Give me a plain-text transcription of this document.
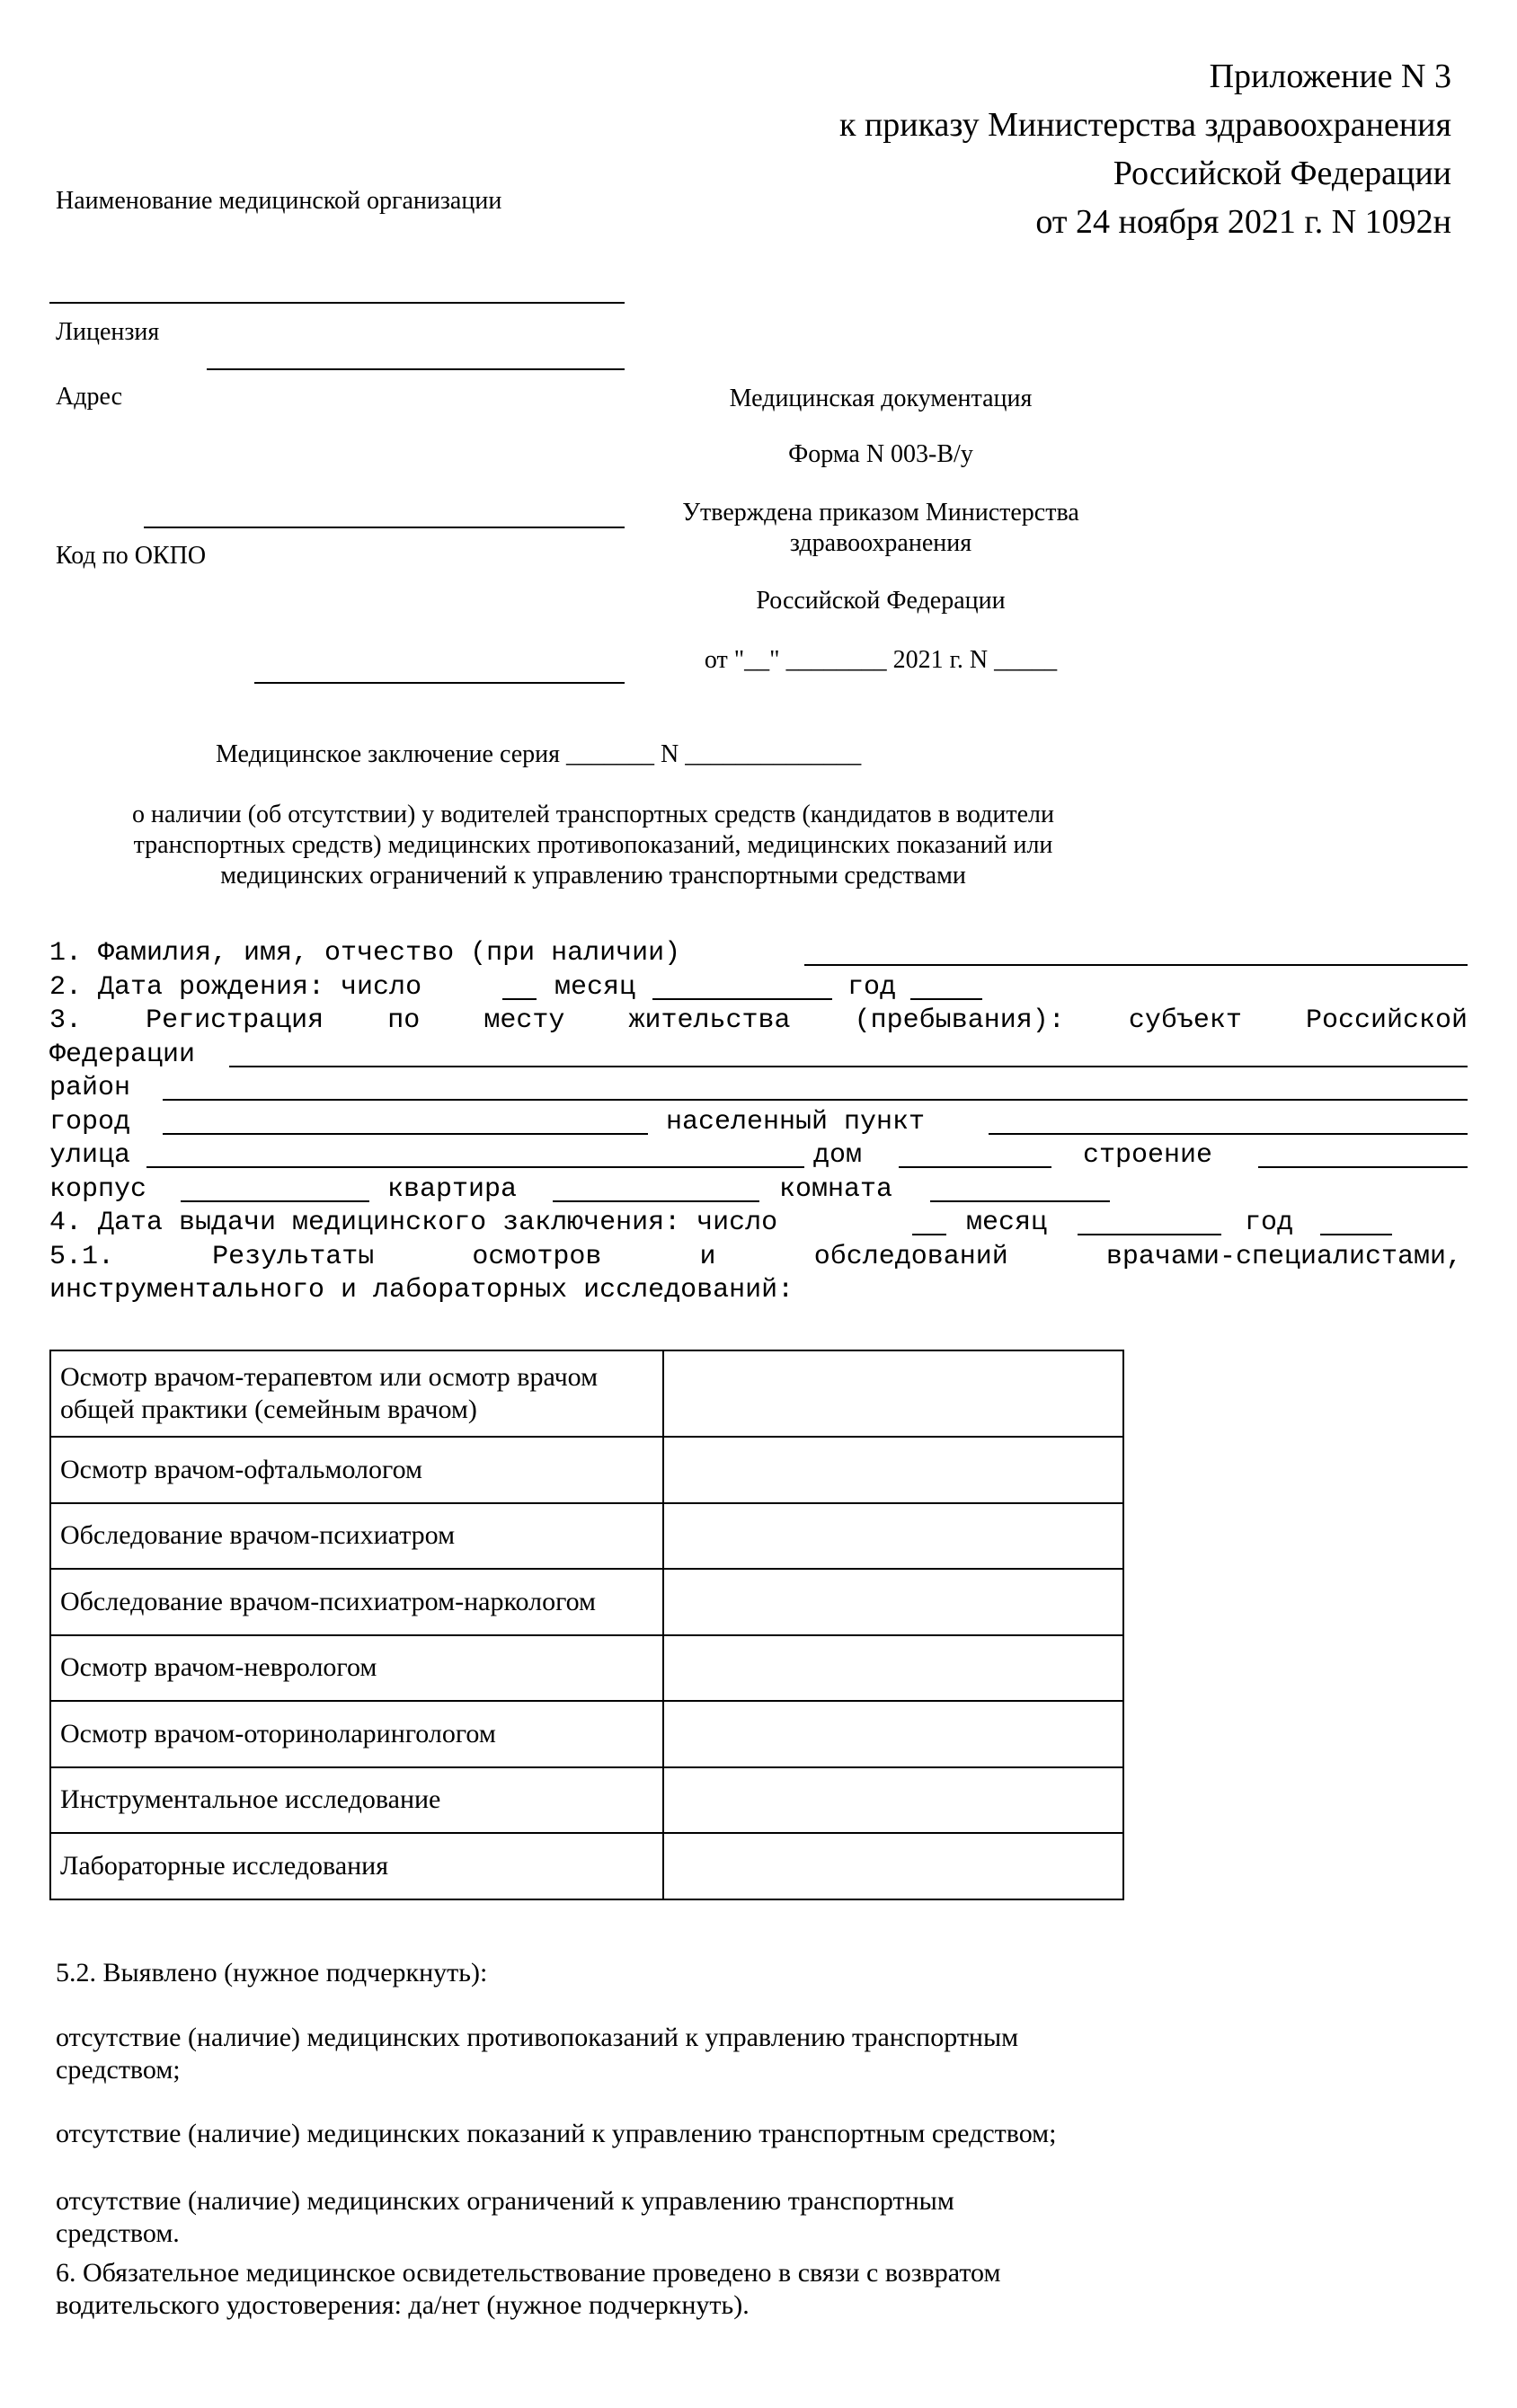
Приложение N 3
к приказу Министерства здравоохранения
Российской Федерации
от 24 ноября 2021 г. N 1092н
Наименование медицинской организации
Лицензия
Адрес
Код по ОКПО
Медицинская документация
Форма N 003-В/у
Утверждена приказом Министерства
здравоохранения
Российской Федерации
от "__" ________ 2021 г. N _____
Медицинское заключение серия _______ N ______________
о наличии (об отсутствии) у водителей транспортных средств (кандидатов в водители
транспортных средств) медицинских противопоказаний, медицинских показаний или
медицинских ограничений к управлению транспортными средствами
1. Фамилия, имя, отчество (при наличии)
2. Дата рождения: число	месяц	год
3. Регистрация по месту жительства (пребывания): субъект Российской
Федерации
район
город	населенный пункт
улица	дом	строение
корпус	квартира	комната
4. Дата выдачи медицинского заключения: число	месяц	год
5.1.	Результаты	осмотров	и	обследований	врачами-специалистами,
инструментального и лабораторных исследований:
Осмотр врачом-терапевтом или осмотр врачом общей практики (семейным врачом)	
Осмотр врачом-офтальмологом	
Обследование врачом-психиатром	
Обследование врачом-психиатром-наркологом	
Осмотр врачом-неврологом	
Осмотр врачом-оториноларингологом	
Инструментальное исследование	
Лабораторные исследования	
5.2. Выявлено (нужное подчеркнуть):
отсутствие (наличие) медицинских противопоказаний к управлению транспортным средством;
отсутствие (наличие) медицинских показаний к управлению транспортным средством;
отсутствие (наличие) медицинских ограничений к управлению транспортным средством.
6. Обязательное медицинское освидетельствование проведено в связи с возвратом водительского удостоверения: да/нет (нужное подчеркнуть).
